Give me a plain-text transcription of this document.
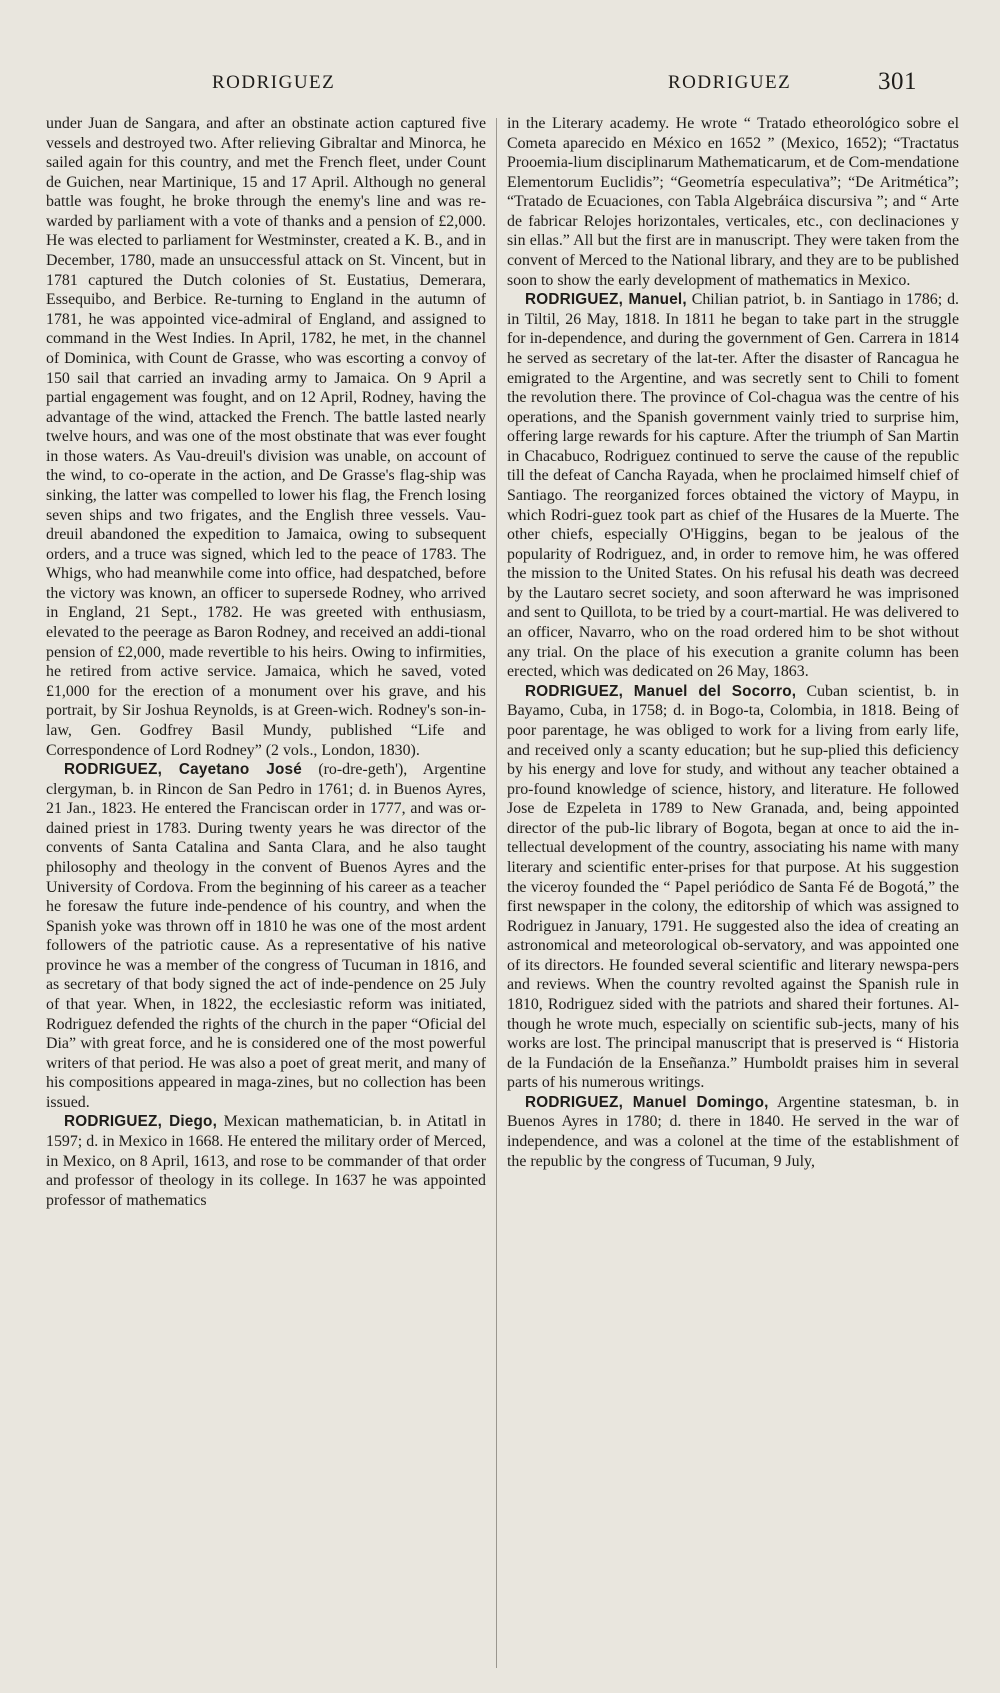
RODRIGUEZ	RODRIGUEZ	301

under Juan de Sangara, and after an obstinate action captured five vessels and destroyed two. After relieving Gibraltar and Minorca, he sailed again for this country, and met the French fleet, under Count de Guichen, near Martinique, 15 and 17 April. Although no general battle was fought, he broke through the enemy's line and was re-warded by parliament with a vote of thanks and a pension of £2,000. He was elected to parliament for Westminster, created a K. B., and in December, 1780, made an unsuccessful attack on St. Vincent, but in 1781 captured the Dutch colonies of St. Eustatius, Demerara, Essequibo, and Berbice. Re-turning to England in the autumn of 1781, he was appointed vice-admiral of England, and assigned to command in the West Indies. In April, 1782, he met, in the channel of Dominica, with Count de Grasse, who was escorting a convoy of 150 sail that carried an invading army to Jamaica. On 9 April a partial engagement was fought, and on 12 April, Rodney, having the advantage of the wind, attacked the French. The battle lasted nearly twelve hours, and was one of the most obstinate that was ever fought in those waters. As Vau-dreuil's division was unable, on account of the wind, to co-operate in the action, and De Grasse's flag-ship was sinking, the latter was compelled to lower his flag, the French losing seven ships and two frigates, and the English three vessels. Vau-dreuil abandoned the expedition to Jamaica, owing to subsequent orders, and a truce was signed, which led to the peace of 1783. The Whigs, who had meanwhile come into office, had despatched, before the victory was known, an officer to supersede Rodney, who arrived in England, 21 Sept., 1782. He was greeted with enthusiasm, elevated to the peerage as Baron Rodney, and received an addi-tional pension of £2,000, made revertible to his heirs. Owing to infirmities, he retired from active service. Jamaica, which he saved, voted £1,000 for the erection of a monument over his grave, and his portrait, by Sir Joshua Reynolds, is at Green-wich. Rodney's son-in-law, Gen. Godfrey Basil Mundy, published “Life and Correspondence of Lord Rodney” (2 vols., London, 1830).

RODRIGUEZ, Cayetano José (ro-dre-geth'), Argentine clergyman, b. in Rincon de San Pedro in 1761; d. in Buenos Ayres, 21 Jan., 1823. He entered the Franciscan order in 1777, and was or-dained priest in 1783. During twenty years he was director of the convents of Santa Catalina and Santa Clara, and he also taught philosophy and theology in the convent of Buenos Ayres and the University of Cordova. From the beginning of his career as a teacher he foresaw the future inde-pendence of his country, and when the Spanish yoke was thrown off in 1810 he was one of the most ardent followers of the patriotic cause. As a representative of his native province he was a member of the congress of Tucuman in 1816, and as secretary of that body signed the act of inde-pendence on 25 July of that year. When, in 1822, the ecclesiastic reform was initiated, Rodriguez defended the rights of the church in the paper “Oficial del Dia” with great force, and he is considered one of the most powerful writers of that period. He was also a poet of great merit, and many of his compositions appeared in maga-zines, but no collection has been issued.

RODRIGUEZ, Diego, Mexican mathematician, b. in Atitatl in 1597; d. in Mexico in 1668. He entered the military order of Merced, in Mexico, on 8 April, 1613, and rose to be commander of that order and professor of theology in its college. In 1637 he was appointed professor of mathematics

in the Literary academy. He wrote “ Tratado etheorológico sobre el Cometa aparecido en México en 1652 ” (Mexico, 1652); “Tractatus Prooemia-lium disciplinarum Mathematicarum, et de Com-mendatione Elementorum Euclidis”; “Geometría especulativa”; “De Aritmética”; “Tratado de Ecuaciones, con Tabla Algebráica discursiva ”; and “ Arte de fabricar Relojes horizontales, verticales, etc., con declinaciones y sin ellas.” All but the first are in manuscript. They were taken from the convent of Merced to the National library, and they are to be published soon to show the early development of mathematics in Mexico.

RODRIGUEZ, Manuel, Chilian patriot, b. in Santiago in 1786; d. in Tiltil, 26 May, 1818. In 1811 he began to take part in the struggle for in-dependence, and during the government of Gen. Carrera in 1814 he served as secretary of the lat-ter. After the disaster of Rancagua he emigrated to the Argentine, and was secretly sent to Chili to foment the revolution there. The province of Col-chagua was the centre of his operations, and the Spanish government vainly tried to surprise him, offering large rewards for his capture. After the triumph of San Martin in Chacabuco, Rodriguez continued to serve the cause of the republic till the defeat of Cancha Rayada, when he proclaimed himself chief of Santiago. The reorganized forces obtained the victory of Maypu, in which Rodri-guez took part as chief of the Husares de la Muerte. The other chiefs, especially O'Higgins, began to be jealous of the popularity of Rodriguez, and, in order to remove him, he was offered the mission to the United States. On his refusal his death was decreed by the Lautaro secret society, and soon afterward he was imprisoned and sent to Quillota, to be tried by a court-martial. He was delivered to an officer, Navarro, who on the road ordered him to be shot without any trial. On the place of his execution a granite column has been erected, which was dedicated on 26 May, 1863.

RODRIGUEZ, Manuel del Socorro, Cuban scientist, b. in Bayamo, Cuba, in 1758; d. in Bogo-ta, Colombia, in 1818. Being of poor parentage, he was obliged to work for a living from early life, and received only a scanty education; but he sup-plied this deficiency by his energy and love for study, and without any teacher obtained a pro-found knowledge of science, history, and literature. He followed Jose de Ezpeleta in 1789 to New Granada, and, being appointed director of the pub-lic library of Bogota, began at once to aid the in-tellectual development of the country, associating his name with many literary and scientific enter-prises for that purpose. At his suggestion the viceroy founded the “ Papel periódico de Santa Fé de Bogotá,” the first newspaper in the colony, the editorship of which was assigned to Rodriguez in January, 1791. He suggested also the idea of creating an astronomical and meteorological ob-servatory, and was appointed one of its directors. He founded several scientific and literary newspa-pers and reviews. When the country revolted against the Spanish rule in 1810, Rodriguez sided with the patriots and shared their fortunes. Al-though he wrote much, especially on scientific sub-jects, many of his works are lost. The principal manuscript that is preserved is “ Historia de la Fundación de la Enseñanza.” Humboldt praises him in several parts of his numerous writings.

RODRIGUEZ, Manuel Domingo, Argentine statesman, b. in Buenos Ayres in 1780; d. there in 1840. He served in the war of independence, and was a colonel at the time of the establishment of the republic by the congress of Tucuman, 9 July,
